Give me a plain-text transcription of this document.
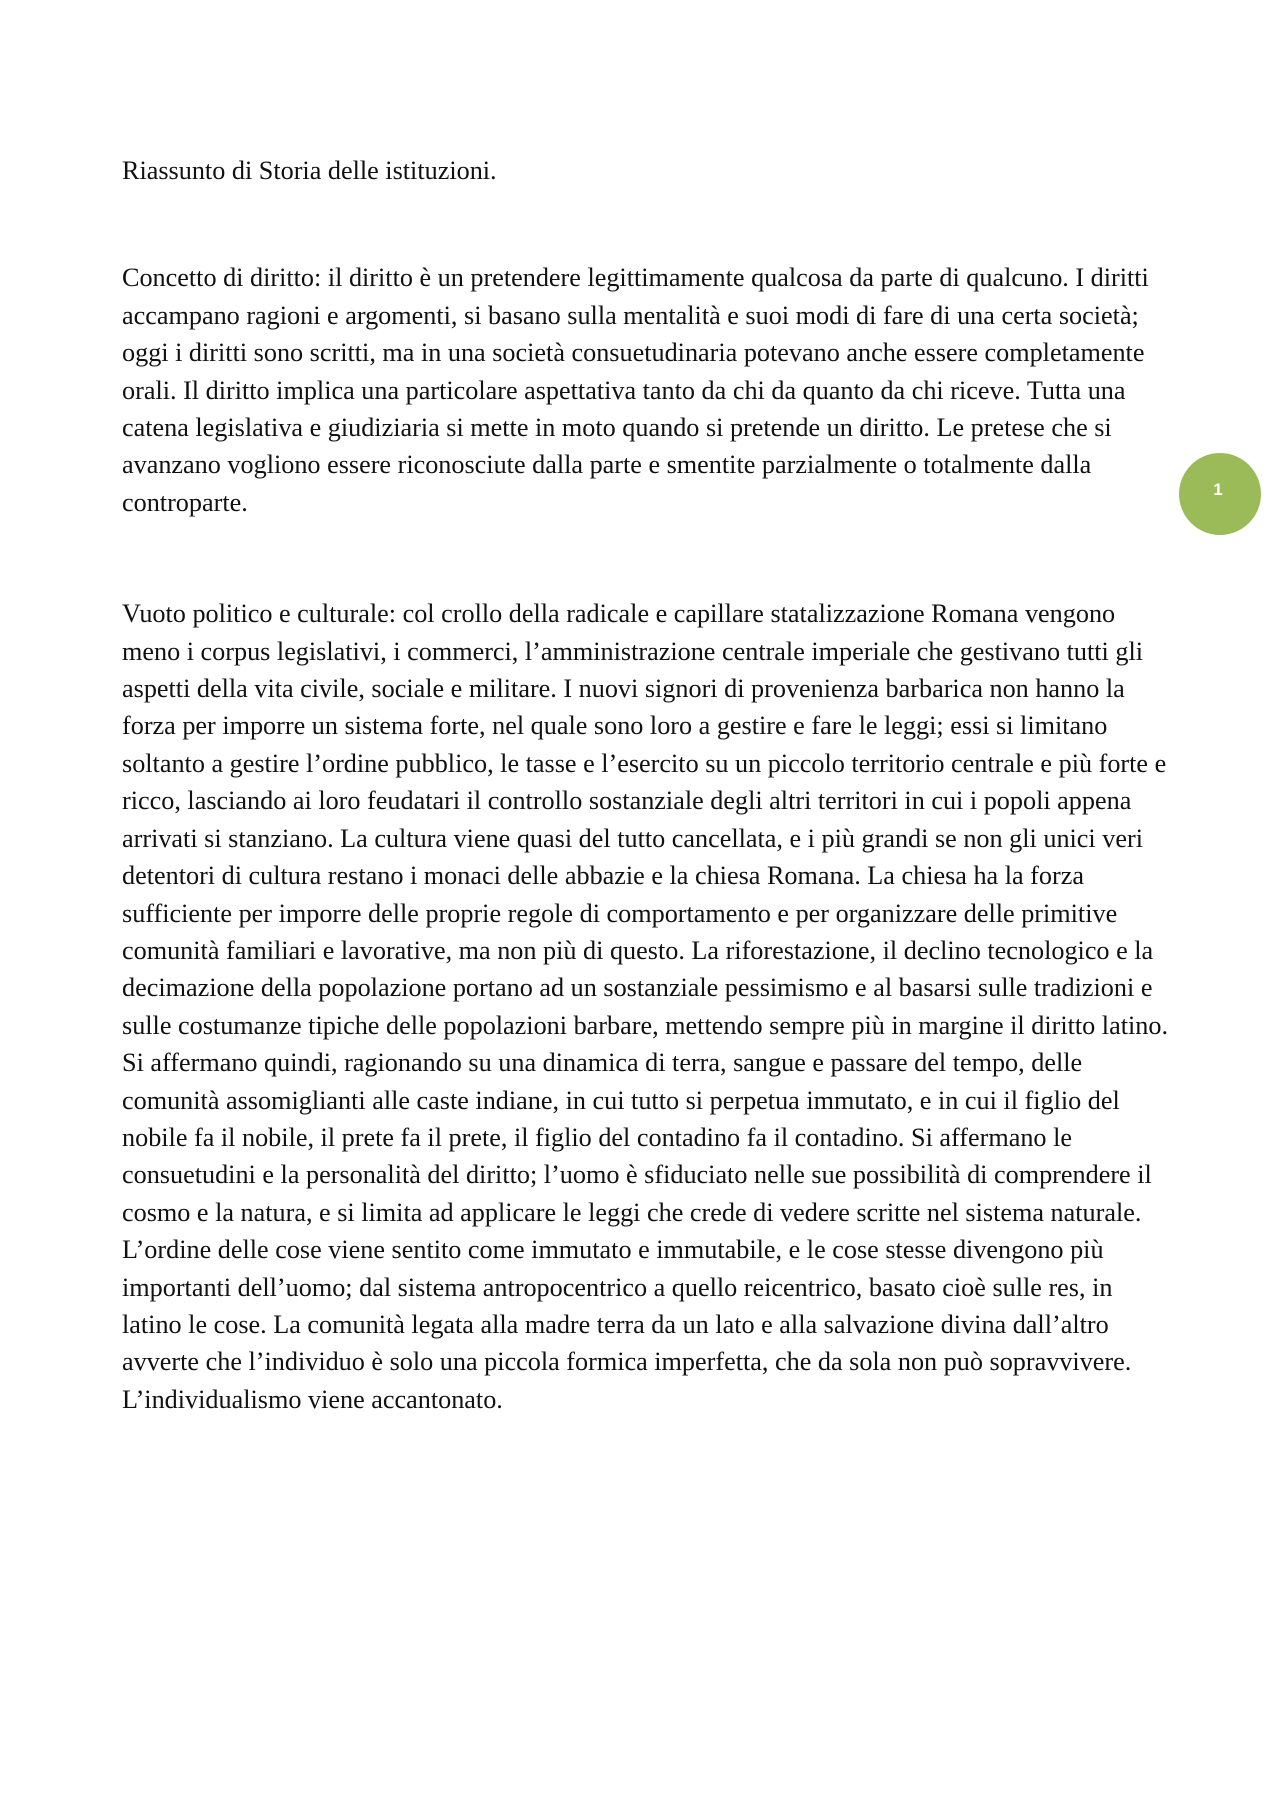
Riassunto di Storia delle istituzioni.

Concetto di diritto: il diritto è un pretendere legittimamente qualcosa da parte di qualcuno. I diritti accampano ragioni e argomenti, si basano sulla mentalità e suoi modi di fare di una certa società; oggi i diritti sono scritti, ma in una società consuetudinaria potevano anche essere completamente orali. Il diritto implica una particolare aspettativa tanto da chi da quanto da chi riceve. Tutta una catena legislativa e giudiziaria si mette in moto quando si pretende un diritto. Le pretese che si avanzano vogliono essere riconosciute dalla parte e smentite parzialmente o totalmente dalla controparte.

Vuoto politico e culturale: col crollo della radicale e capillare statalizzazione Romana vengono meno i corpus legislativi, i commerci, l’amministrazione centrale imperiale che gestivano tutti gli aspetti della vita civile, sociale e militare. I nuovi signori di provenienza barbarica non hanno la forza per imporre un sistema forte, nel quale sono loro a gestire e fare le leggi; essi si limitano soltanto a gestire l’ordine pubblico, le tasse e l’esercito su un piccolo territorio centrale e più forte e ricco, lasciando ai loro feudatari il controllo sostanziale degli altri territori in cui i popoli appena arrivati si stanziano. La cultura viene quasi del tutto cancellata, e i più grandi se non gli unici veri detentori di cultura restano i monaci delle abbazie e la chiesa Romana. La chiesa ha la forza sufficiente per imporre delle proprie regole di comportamento e per organizzare delle primitive comunità familiari e lavorative, ma non più di questo. La riforestazione, il declino tecnologico e la decimazione della popolazione portano ad un sostanziale pessimismo e al basarsi sulle tradizioni e sulle costumanze tipiche delle popolazioni barbare, mettendo sempre più in margine il diritto latino. Si affermano quindi, ragionando su una dinamica di terra, sangue e passare del tempo, delle comunità assomiglianti alle caste indiane, in cui tutto si perpetua immutato, e in cui il figlio del nobile fa il nobile, il prete fa il prete, il figlio del contadino fa il contadino. Si affermano le consuetudini e la personalità del diritto; l’uomo è sfiduciato nelle sue possibilità di comprendere il cosmo e la natura, e si limita ad applicare le leggi che crede di vedere scritte nel sistema naturale. L’ordine delle cose viene sentito come immutato e immutabile, e le cose stesse divengono più importanti dell’uomo; dal sistema antropocentrico a quello reicentrico, basato cioè sulle res, in latino le cose. La comunità legata alla madre terra da un lato e alla salvazione divina dall’altro avverte che l’individuo è solo una piccola formica imperfetta, che da sola non può sopravvivere. L’individualismo viene accantonato.

1
